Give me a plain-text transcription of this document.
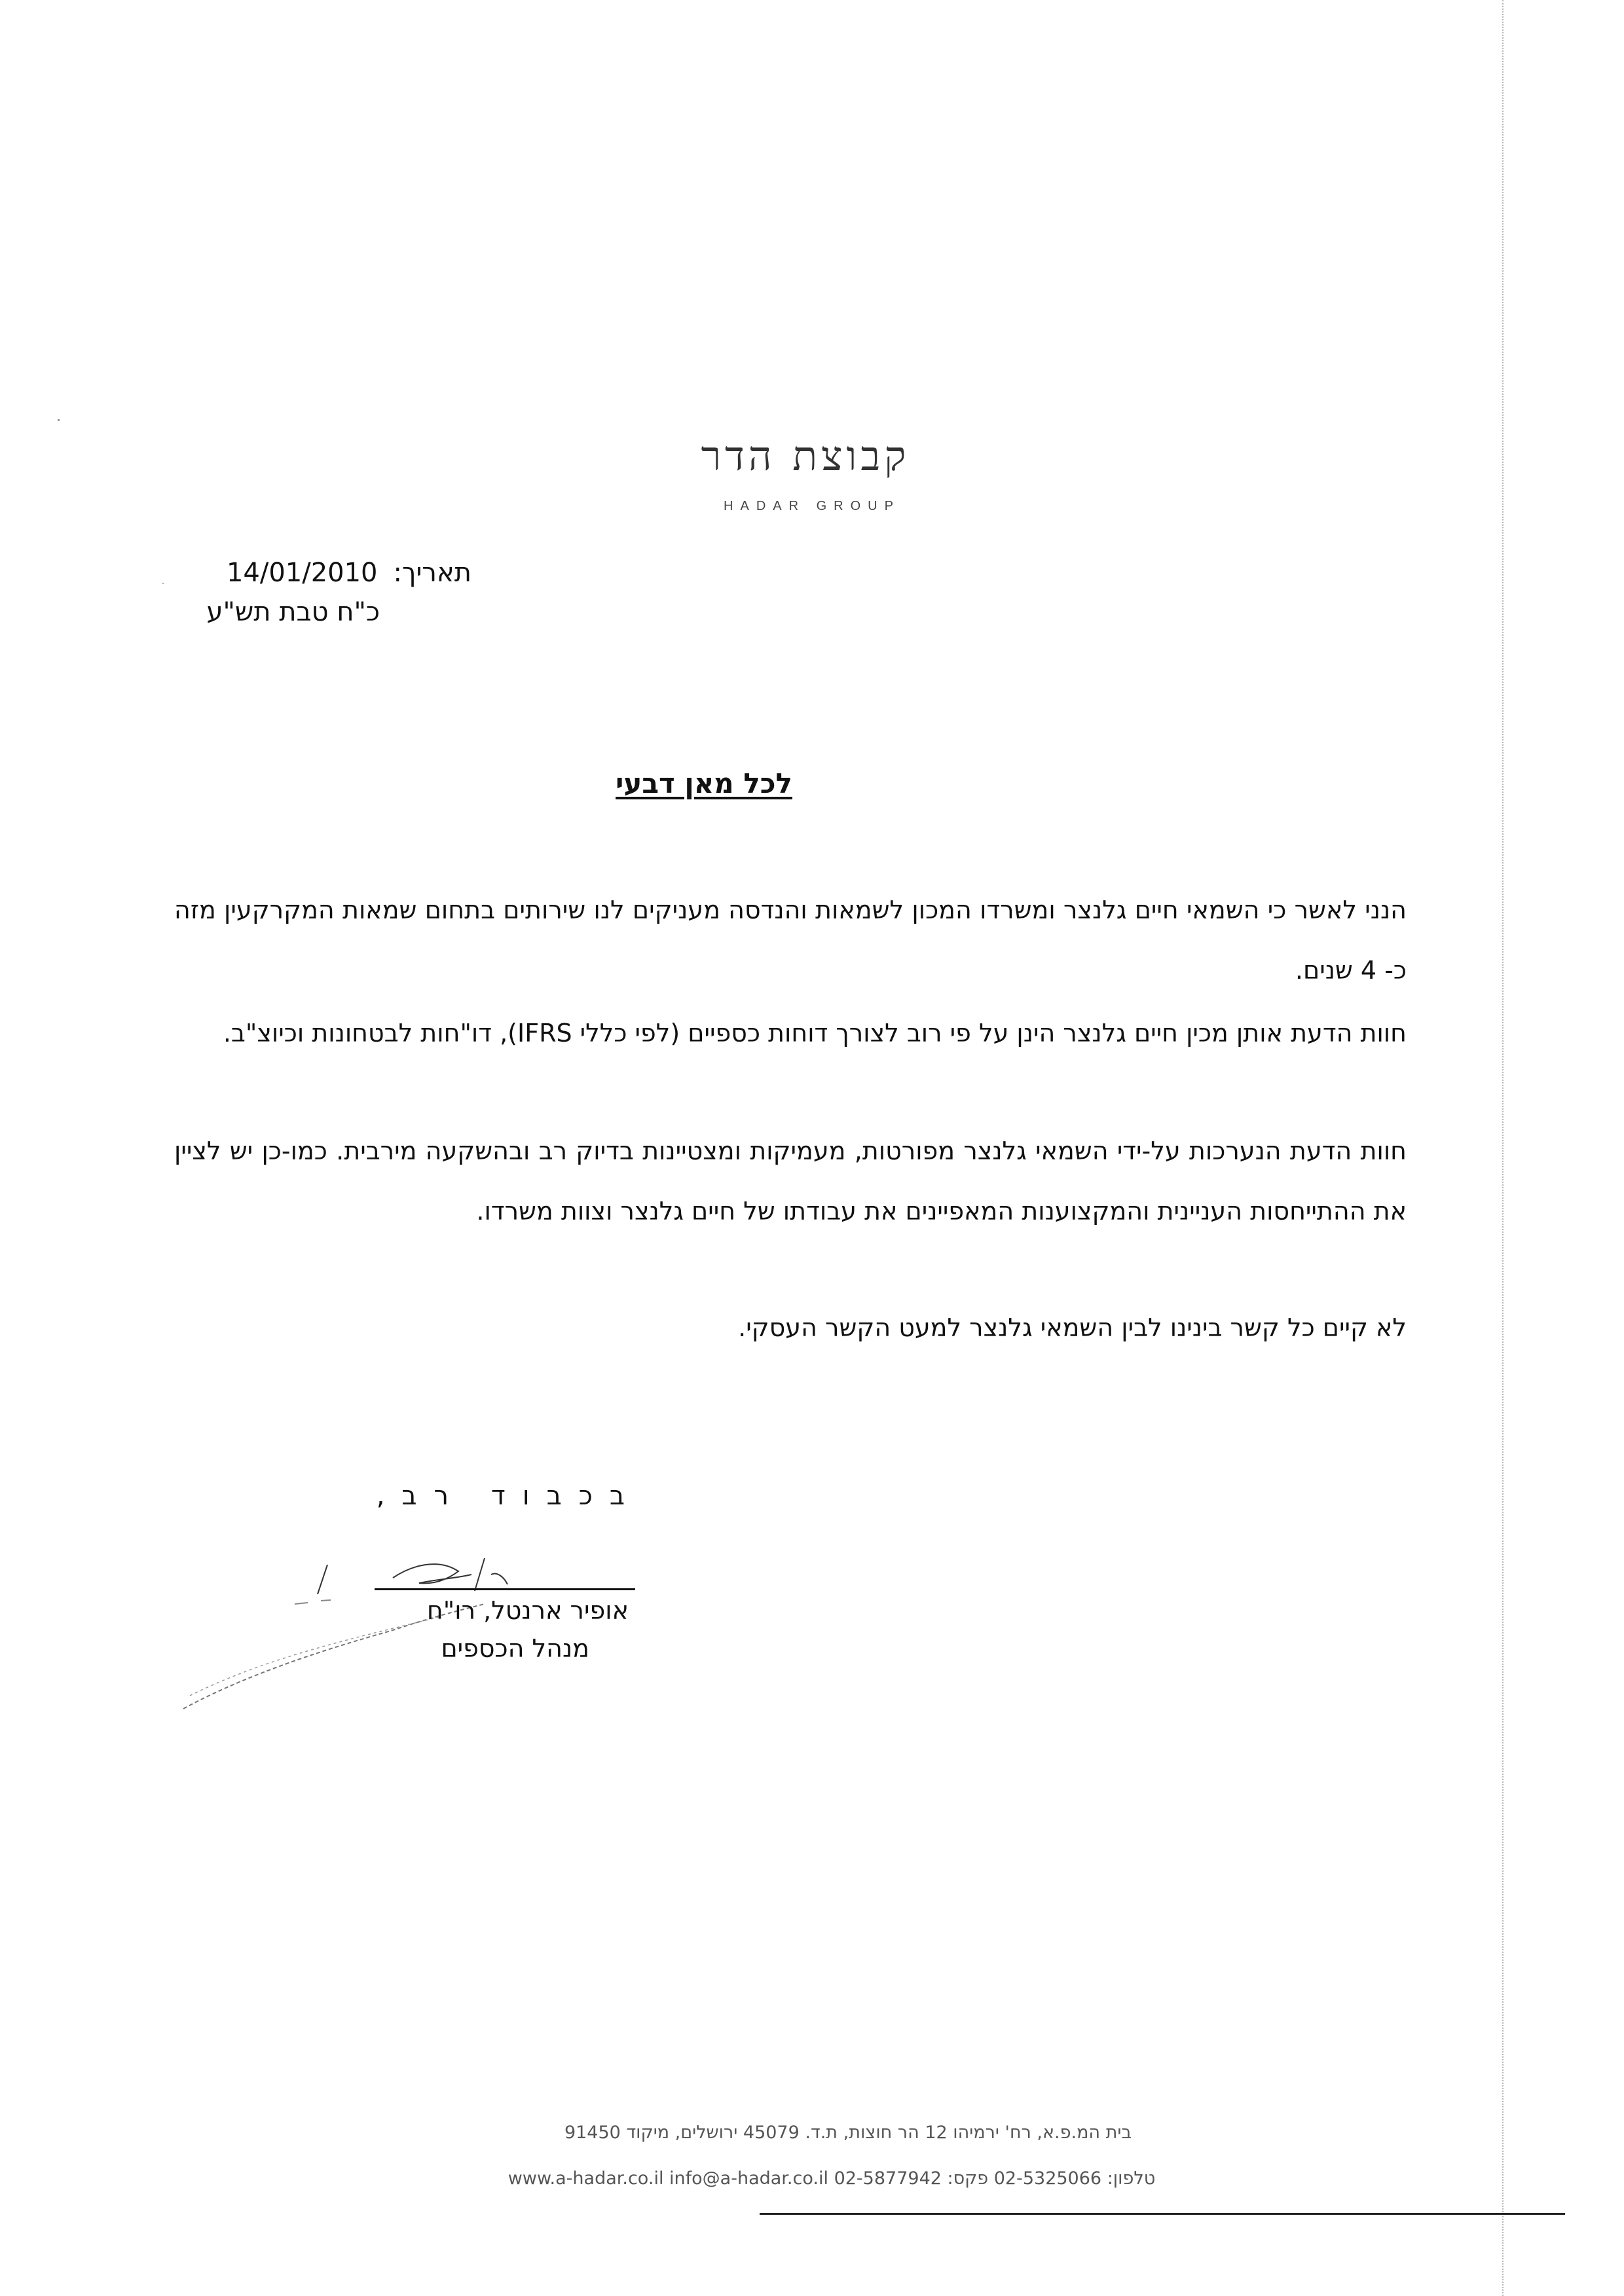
קבוצת הדר
HADAR GROUP
תאריך:14/01/2010
כ"ח טבת תש"ע
לכל מאן דבעי
הנני לאשר כי השמאי חיים גלנצר ומשרדו המכון לשמאות והנדסה מעניקים לנו שירותים בתחום שמאות המקרקעין מזה כ- 4 שנים.
חוות הדעת אותן מכין חיים גלנצר הינן על פי רוב לצורך דוחות כספיים (לפי כללי IFRS), דו"חות לבטחונות וכיוצ"ב.
חוות הדעת הנערכות על-ידי השמאי גלנצר מפורטות, מעמיקות ומצטיינות בדיוק רב ובהשקעה מירבית. כמו-כן יש לציין את ההתייחסות העניינית והמקצוענות המאפיינים את עבודתו של חיים גלנצר וצוות משרדו.
לא קיים כל קשר בינינו לבין השמאי גלנצר למעט הקשר העסקי.
בכבוד רב,
אופיר ארנטל, רו"ח
מנהל הכספים
בית המ.פ.א, רח' ירמיהו 12 הר חוצות, ת.ד. 45079 ירושלים, מיקוד 91450
טלפון: 02-5325066 פקס: 02-5877942 www.a-hadar.co.il info@a-hadar.co.il
